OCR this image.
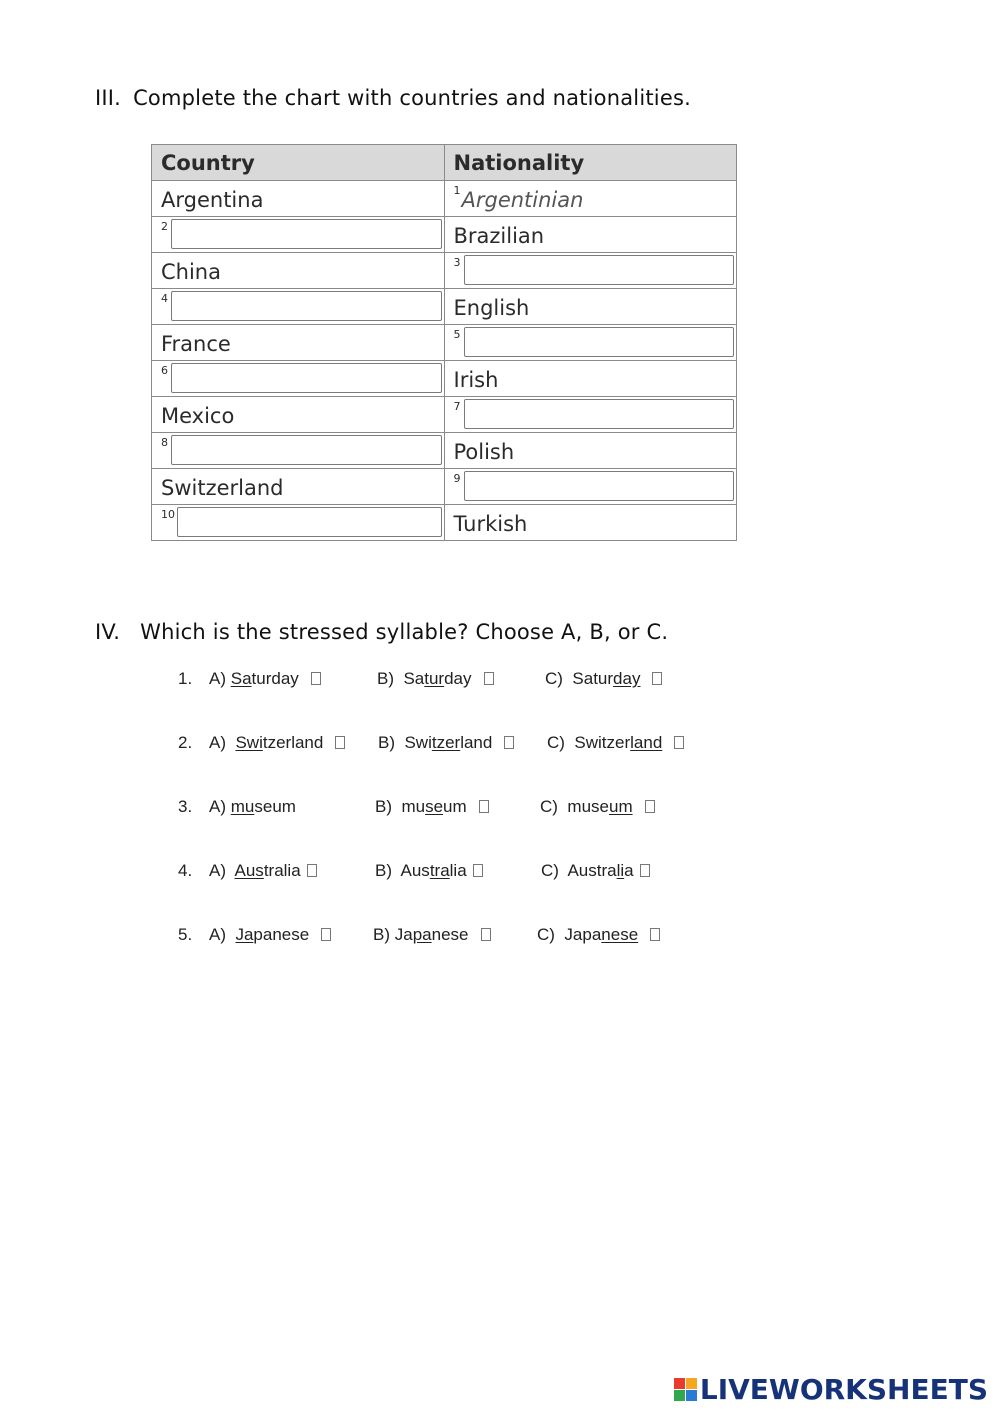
III. Complete the chart with countries and nationalities.
Country	Nationality
Argentina	1 Argentinian

2	Brazilian
China	3

4	English
France	5

6	Irish
Mexico	7

8	Polish
Switzerland	9

10	Turkish
IV. Which is the stressed syllable? Choose A, B, or C.
1. A) Saturday	B) Saturday	C) Saturday
2. A) Switzerland	B) Switzerland	C) Switzerland
3. A) museum	B) museum	C) museum
4. A) Australia	B) Australia	C) Australia
5. A) Japanese	B) Japanese	C) Japanese
LIVEWORKSHEETS
